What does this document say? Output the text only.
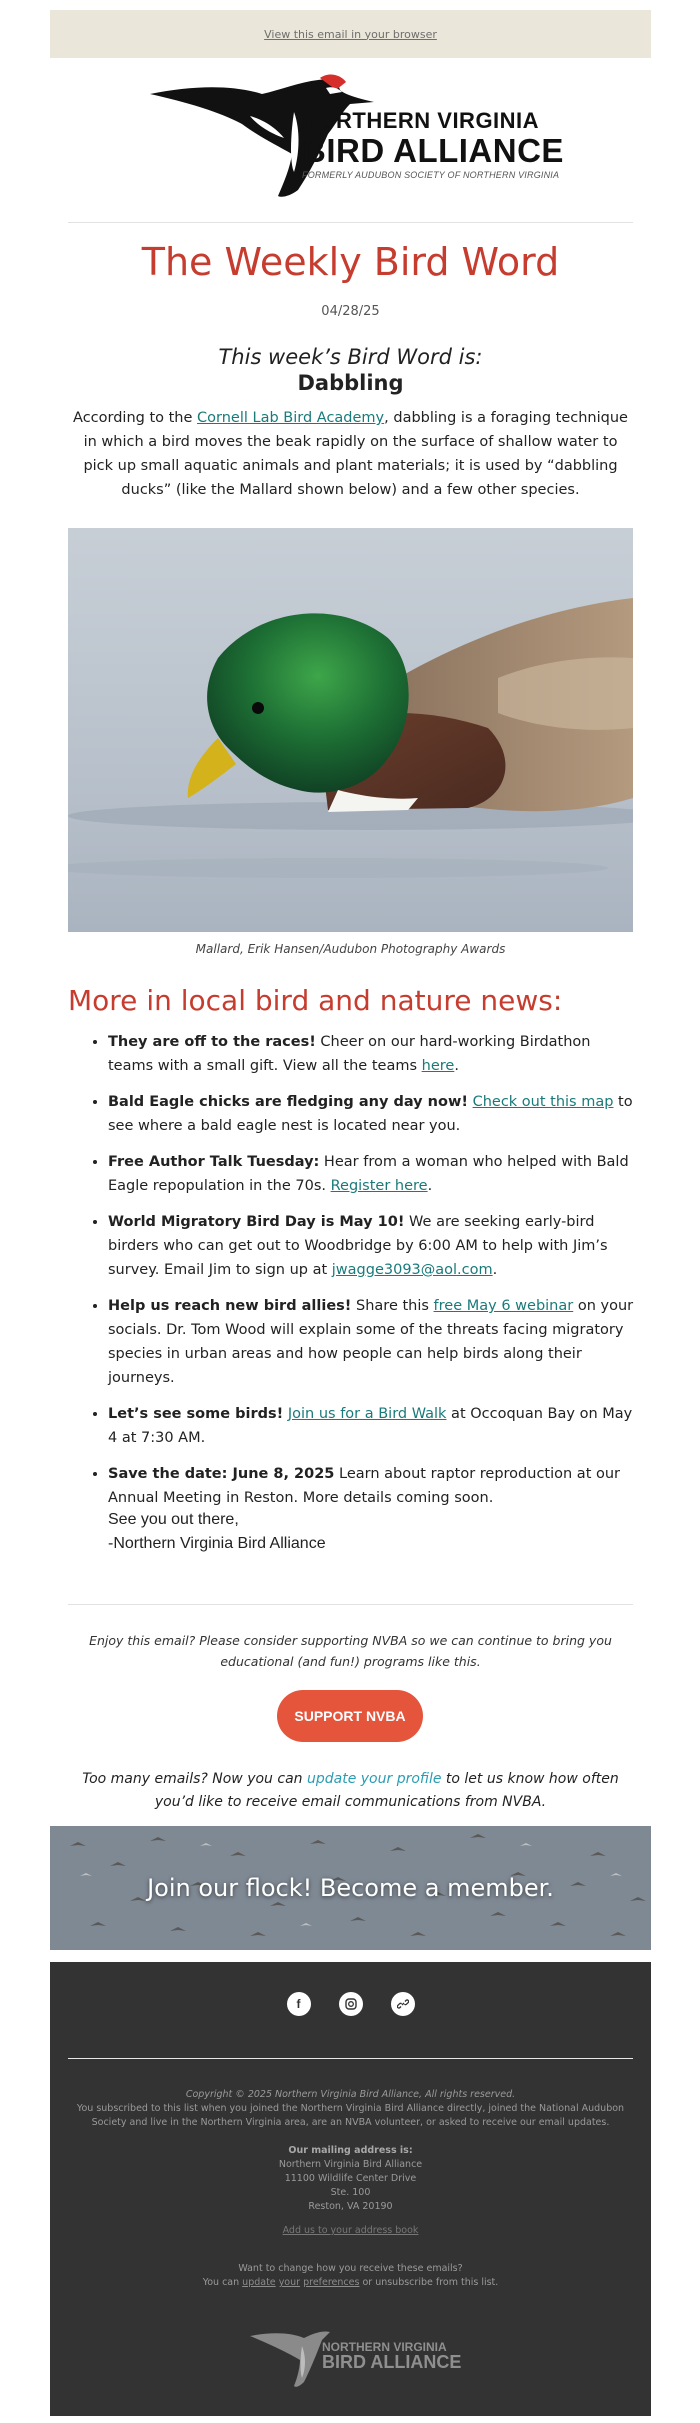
View this email in your browser
NORTHERN VIRGINIA
BIRD ALLIANCE
FORMERLY AUDUBON SOCIETY OF NORTHERN VIRGINIA
The Weekly Bird Word
04/28/25
This week’s Bird Word is:
Dabbling

According to the Cornell Lab Bird Academy, dabbling is a foraging technique in which a bird moves the beak rapidly on the surface of shallow water to pick up small aquatic animals and plant materials; it is used by “dabbling ducks” (like the Mallard shown below) and a few other species.

Mallard, Erik Hansen/Audubon Photography Awards
More in local bird and nature news:
• They are off to the races! Cheer on our hard-working Birdathon teams with a small gift. View all the teams here.
• Bald Eagle chicks are fledging any day now! Check out this map to see where a bald eagle nest is located near you.
• Free Author Talk Tuesday: Hear from a woman who helped with Bald Eagle repopulation in the 70s. Register here.
• World Migratory Bird Day is May 10! We are seeking early-bird birders who can get out to Woodbridge by 6:00 AM to help with Jim’s survey. Email Jim to sign up at jwagge3093@aol.com.
• Help us reach new bird allies! Share this free May 6 webinar on your socials. Dr. Tom Wood will explain some of the threats facing migratory species in urban areas and how people can help birds along their journeys.
• Let’s see some birds! Join us for a Bird Walk at Occoquan Bay on May 4 at 7:30 AM.
• Save the date: June 8, 2025 Learn about raptor reproduction at our Annual Meeting in Reston. More details coming soon.
See you out there,
-Northern Virginia Bird Alliance

Enjoy this email? Please consider supporting NVBA so we can continue to bring you educational (and fun!) programs like this.

SUPPORT NVBA

Too many emails? Now you can update your profile to let us know how often you’d like to receive email communications from NVBA.

Join our flock! Become a member.
f
Copyright © 2025 Northern Virginia Bird Alliance, All rights reserved.
You subscribed to this list when you joined the Northern Virginia Bird Alliance directly, joined the National Audubon Society and live in the Northern Virginia area, are an NVBA volunteer, or asked to receive our email updates.
Our mailing address is:
Northern Virginia Bird Alliance
11100 Wildlife Center Drive
Ste. 100
Reston, VA 20190
Add us to your address book
Want to change how you receive these emails?
You can update your preferences or unsubscribe from this list.
NORTHERN VIRGINIA
BIRD ALLIANCE
